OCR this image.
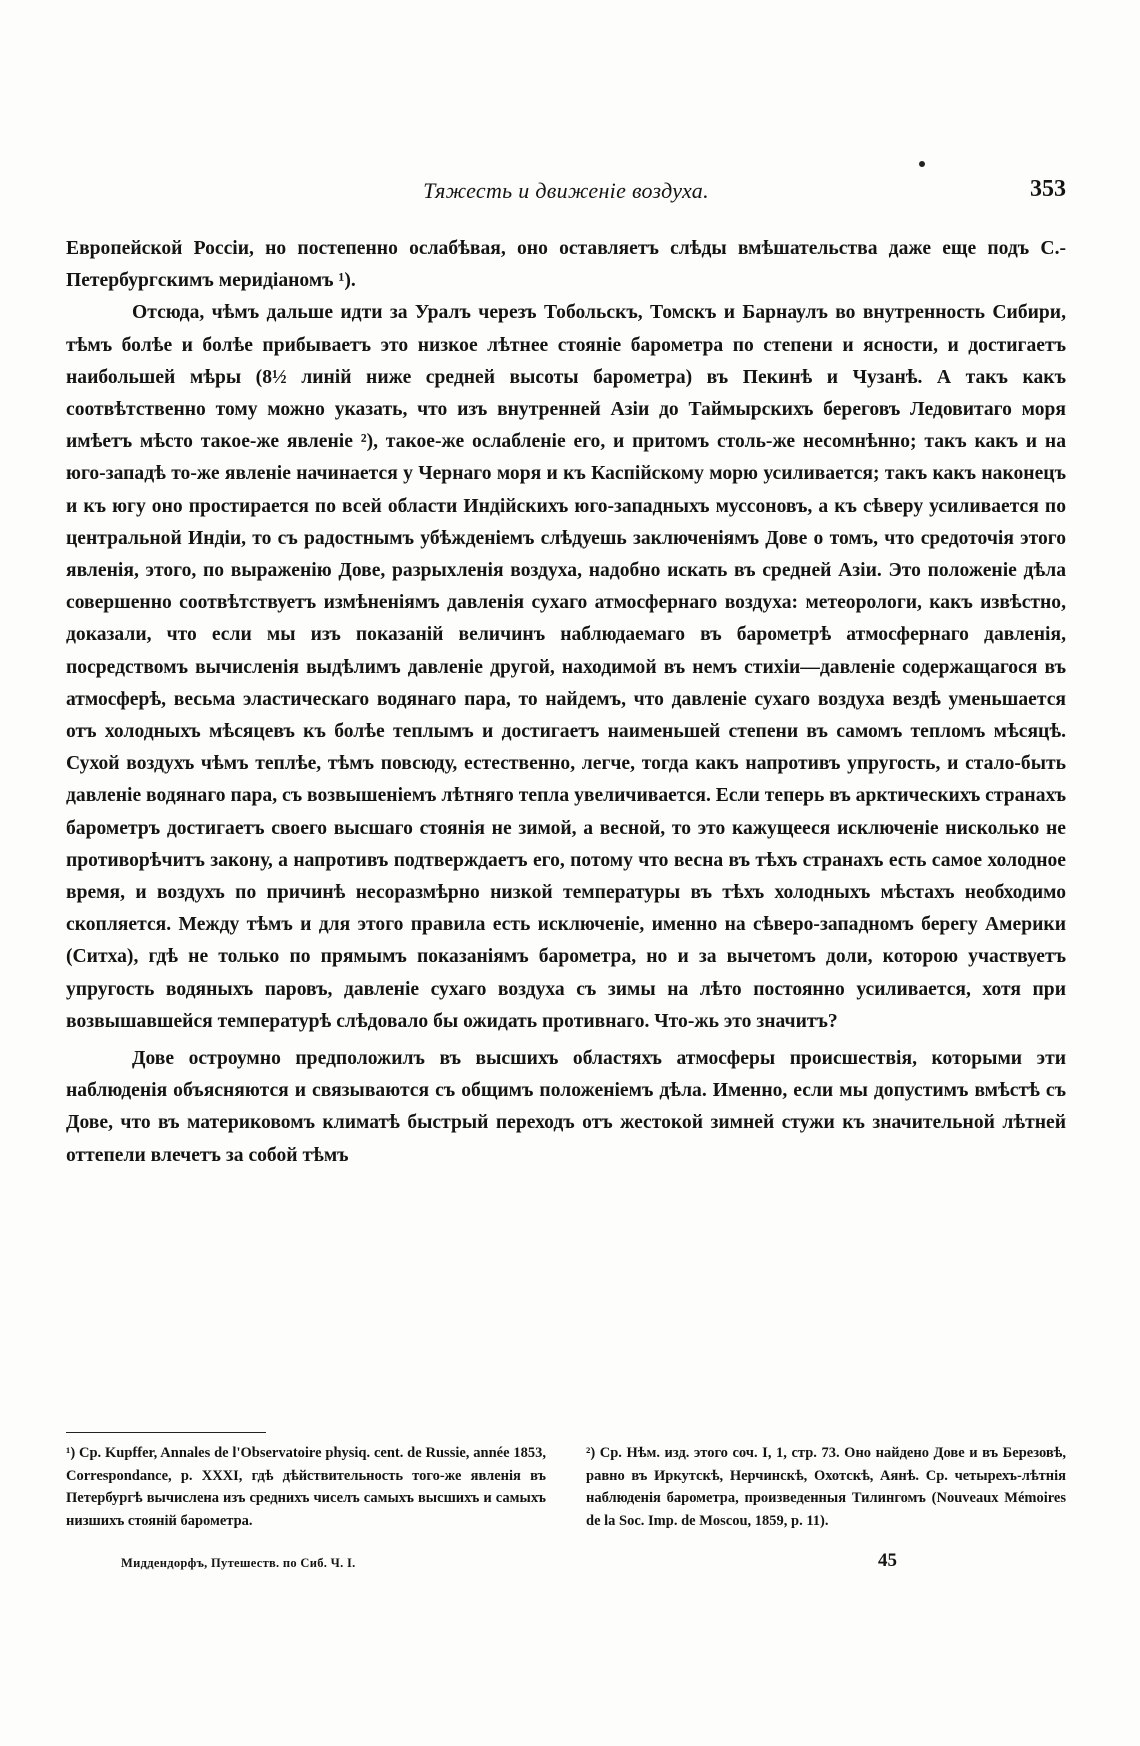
Тяжесть и движеніе воздуха.	353

Европейской Россіи, но постепенно ослабѣвая, оно оставляетъ слѣды вмѣшательства даже еще подъ С.-Петербургскимъ меридіаномъ ¹).

Отсюда, чѣмъ дальше идти за Уралъ черезъ Тобольскъ, Томскъ и Барнаулъ во внутренность Сибири, тѣмъ болѣе и болѣе прибываетъ это низкое лѣтнее стояніе барометра по степени и ясности, и достигаетъ наибольшей мѣры (8½ линій ниже средней высоты барометра) въ Пекинѣ и Чузанѣ. А такъ какъ соотвѣтственно тому можно указать, что изъ внутренней Азіи до Таймырскихъ береговъ Ледовитаго моря имѣетъ мѣсто такое-же явленіе ²), такое-же ослабленіе его, и притомъ столь-же несомнѣнно; такъ какъ и на юго-западѣ то-же явленіе начинается у Чернаго моря и къ Каспійскому морю усиливается; такъ какъ наконецъ и къ югу оно простирается по всей области Индійскихъ юго-западныхъ муссоновъ, а къ сѣверу усиливается по центральной Индіи, то съ радостнымъ убѣжденіемъ слѣдуешь заключеніямъ Дове о томъ, что средоточія этого явленія, этого, по выраженію Дове, разрыхленія воздуха, надобно искать въ средней Азіи. Это положеніе дѣла совершенно соотвѣтствуетъ измѣненіямъ давленія сухаго атмосфернаго воздуха: метеорологи, какъ извѣстно, доказали, что если мы изъ показаній величинъ наблюдаемаго въ барометрѣ атмосфернаго давленія, посредствомъ вычисленія выдѣлимъ давленіе другой, находимой въ немъ стихіи—давленіе содержащагося въ атмосферѣ, весьма эластическаго водянаго пара, то найдемъ, что давленіе сухаго воздуха вездѣ уменьшается отъ холодныхъ мѣсяцевъ къ болѣе теплымъ и достигаетъ наименьшей степени въ самомъ тепломъ мѣсяцѣ. Сухой воздухъ чѣмъ теплѣе, тѣмъ повсюду, естественно, легче, тогда какъ напротивъ упругость, и стало-быть давленіе водянаго пара, съ возвышеніемъ лѣтняго тепла увеличивается. Если теперь въ арктическихъ странахъ барометръ достигаетъ своего высшаго стоянія не зимой, а весной, то это кажущееся исключеніе нисколько не противорѣчитъ закону, а напротивъ подтверждаетъ его, потому что весна въ тѣхъ странахъ есть самое холодное время, и воздухъ по причинѣ несоразмѣрно низкой температуры въ тѣхъ холодныхъ мѣстахъ необходимо скопляется. Между тѣмъ и для этого правила есть исключеніе, именно на сѣверо-западномъ берегу Америки (Ситха), гдѣ не только по прямымъ показаніямъ барометра, но и за вычетомъ доли, которою участвуетъ упругость водяныхъ паровъ, давленіе сухаго воздуха съ зимы на лѣто постоянно усиливается, хотя при возвышавшейся температурѣ слѣдовало бы ожидать противнаго. Что-жь это значитъ?

Дове остроумно предположилъ въ высшихъ областяхъ атмосферы происшествія, которыми эти наблюденія объясняются и связываются съ общимъ положеніемъ дѣла. Именно, если мы допустимъ вмѣстѣ съ Дове, что въ материковомъ климатѣ быстрый переходъ отъ жестокой зимней стужи къ значительной лѣтней оттепели влечетъ за собой тѣмъ

¹) Ср. Kupffer, Annales de l'Observatoire physiq. cent. de Russie, année 1853, Correspondance, p. XXXI, гдѣ дѣйствительность того-же явленія въ Петербургѣ вычислена изъ среднихъ чиселъ самыхъ высшихъ и самыхъ низшихъ стояній барометра.
²) Ср. Нѣм. изд. этого соч. I, 1, стр. 73. Оно найдено Дове и въ Березовѣ, равно въ Иркутскѣ, Нерчинскѣ, Охотскѣ, Аянѣ. Ср. четырехъ-лѣтнія наблюденія барометра, произведенныя Тилингомъ (Nouveaux Mémoires de la Soc. Imp. de Moscou, 1859, p. 11).
Миддендорфъ, Путешеств. по Сиб. Ч. I.	45
